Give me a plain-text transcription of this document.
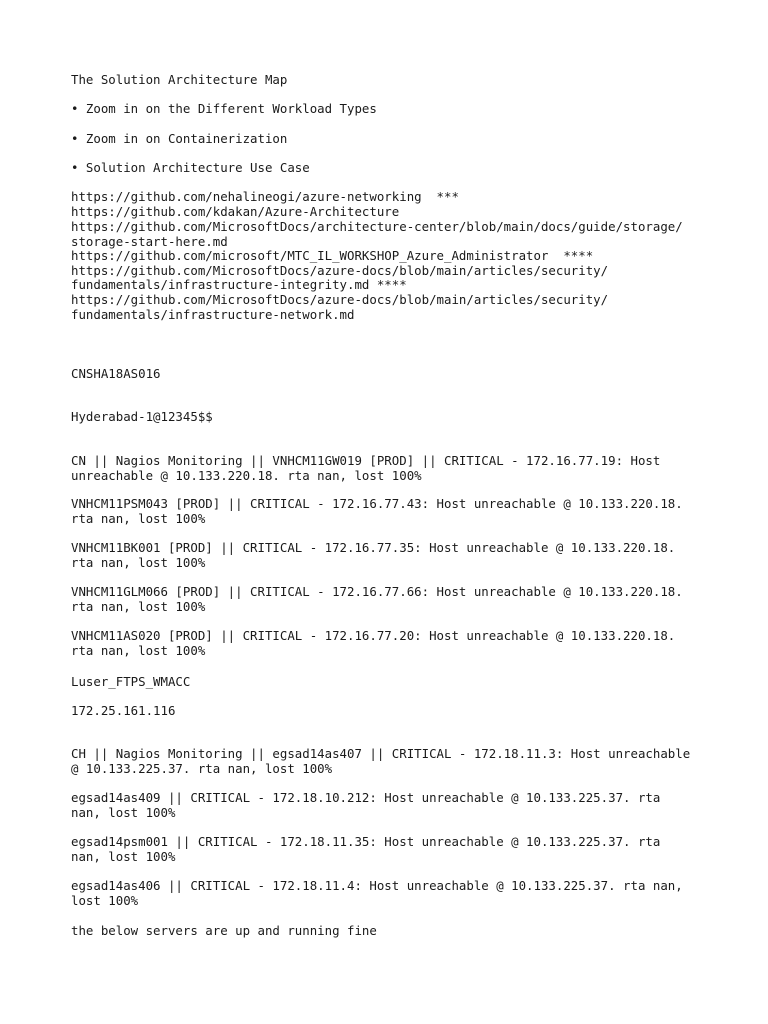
The Solution Architecture Map
• Zoom in on the Different Workload Types
• Zoom in on Containerization
• Solution Architecture Use Case
https://github.com/nehalineogi/azure-networking  ***
https://github.com/kdakan/Azure-Architecture
https://github.com/MicrosoftDocs/architecture-center/blob/main/docs/guide/storage/
storage-start-here.md
https://github.com/microsoft/MTC_IL_WORKSHOP_Azure_Administrator  ****
https://github.com/MicrosoftDocs/azure-docs/blob/main/articles/security/
fundamentals/infrastructure-integrity.md ****
https://github.com/MicrosoftDocs/azure-docs/blob/main/articles/security/
fundamentals/infrastructure-network.md
CNSHA18AS016
Hyderabad-1@12345$$
CN || Nagios Monitoring || VNHCM11GW019 [PROD] || CRITICAL - 172.16.77.19: Host
unreachable @ 10.133.220.18. rta nan, lost 100%
VNHCM11PSM043 [PROD] || CRITICAL - 172.16.77.43: Host unreachable @ 10.133.220.18.
rta nan, lost 100%
VNHCM11BK001 [PROD] || CRITICAL - 172.16.77.35: Host unreachable @ 10.133.220.18.
rta nan, lost 100%
VNHCM11GLM066 [PROD] || CRITICAL - 172.16.77.66: Host unreachable @ 10.133.220.18.
rta nan, lost 100%
VNHCM11AS020 [PROD] || CRITICAL - 172.16.77.20: Host unreachable @ 10.133.220.18.
rta nan, lost 100%
Luser_FTPS_WMACC
172.25.161.116
CH || Nagios Monitoring || egsad14as407 || CRITICAL - 172.18.11.3: Host unreachable
@ 10.133.225.37. rta nan, lost 100%
egsad14as409 || CRITICAL - 172.18.10.212: Host unreachable @ 10.133.225.37. rta
nan, lost 100%
egsad14psm001 || CRITICAL - 172.18.11.35: Host unreachable @ 10.133.225.37. rta
nan, lost 100%
egsad14as406 || CRITICAL - 172.18.11.4: Host unreachable @ 10.133.225.37. rta nan,
lost 100%
the below servers are up and running fine
